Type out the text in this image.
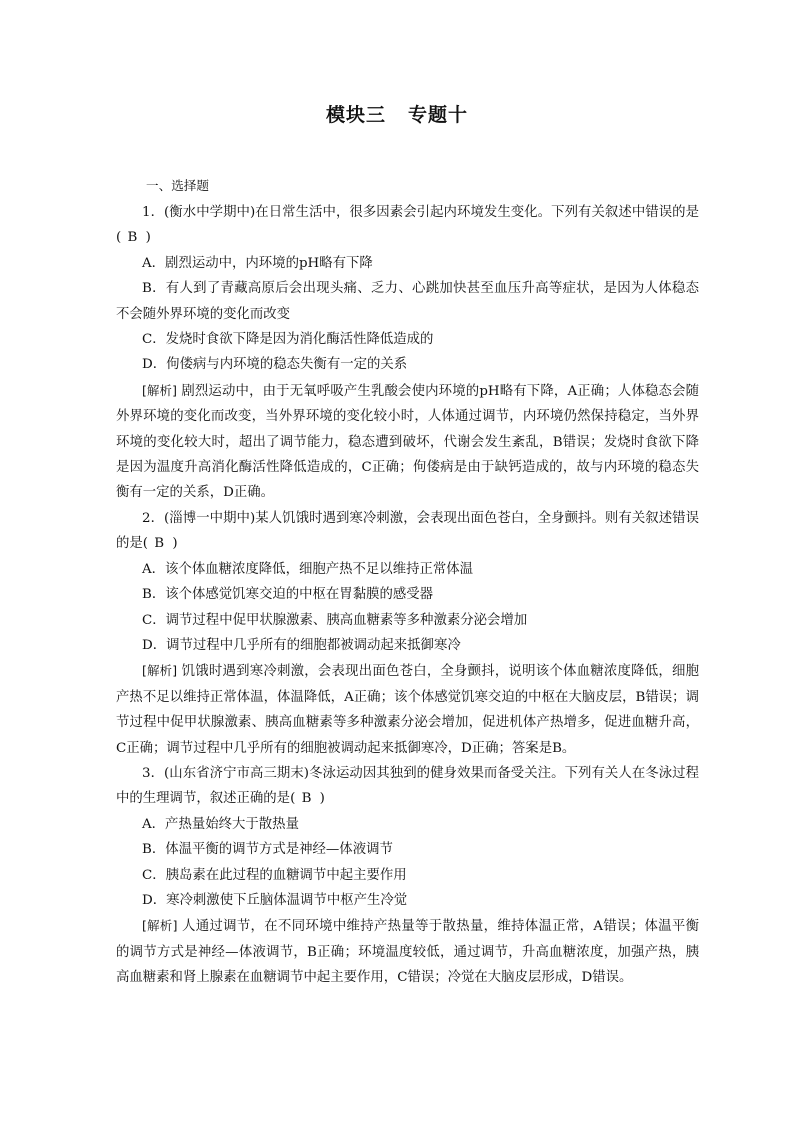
模块三 专题十
一、选择题

1．(衡水中学期中)在日常生活中，很多因素会引起内环境发生变化。下列有关叙述中错误的是( B )

A．剧烈运动中，内环境的pH略有下降

B．有人到了青藏高原后会出现头痛、乏力、心跳加快甚至血压升高等症状，是因为人体稳态不会随外界环境的变化而改变

C．发烧时食欲下降是因为消化酶活性降低造成的

D．佝偻病与内环境的稳态失衡有一定的关系

[解析] 剧烈运动中，由于无氧呼吸产生乳酸会使内环境的pH略有下降，A正确；人体稳态会随外界环境的变化而改变，当外界环境的变化较小时，人体通过调节，内环境仍然保持稳定，当外界环境的变化较大时，超出了调节能力，稳态遭到破坏，代谢会发生紊乱，B错误；发烧时食欲下降是因为温度升高消化酶活性降低造成的，C正确；佝偻病是由于缺钙造成的，故与内环境的稳态失衡有一定的关系，D正确。

2．(淄博一中期中)某人饥饿时遇到寒冷刺激，会表现出面色苍白，全身颤抖。则有关叙述错误的是( B )

A．该个体血糖浓度降低，细胞产热不足以维持正常体温

B．该个体感觉饥寒交迫的中枢在胃黏膜的感受器

C．调节过程中促甲状腺激素、胰高血糖素等多种激素分泌会增加

D．调节过程中几乎所有的细胞都被调动起来抵御寒冷

[解析] 饥饿时遇到寒冷刺激，会表现出面色苍白，全身颤抖，说明该个体血糖浓度降低，细胞产热不足以维持正常体温，体温降低，A正确；该个体感觉饥寒交迫的中枢在大脑皮层，B错误；调节过程中促甲状腺激素、胰高血糖素等多种激素分泌会增加，促进机体产热增多，促进血糖升高，C正确；调节过程中几乎所有的细胞被调动起来抵御寒冷，D正确；答案是B。

3．(山东省济宁市高三期末)冬泳运动因其独到的健身效果而备受关注。下列有关人在冬泳过程中的生理调节，叙述正确的是( B )

A．产热量始终大于散热量

B．体温平衡的调节方式是神经—体液调节

C．胰岛素在此过程的血糖调节中起主要作用

D．寒冷刺激使下丘脑体温调节中枢产生冷觉

[解析] 人通过调节，在不同环境中维持产热量等于散热量，维持体温正常，A错误；体温平衡的调节方式是神经—体液调节，B正确；环境温度较低，通过调节，升高血糖浓度，加强产热，胰高血糖素和肾上腺素在血糖调节中起主要作用，C错误；冷觉在大脑皮层形成，D错误。
